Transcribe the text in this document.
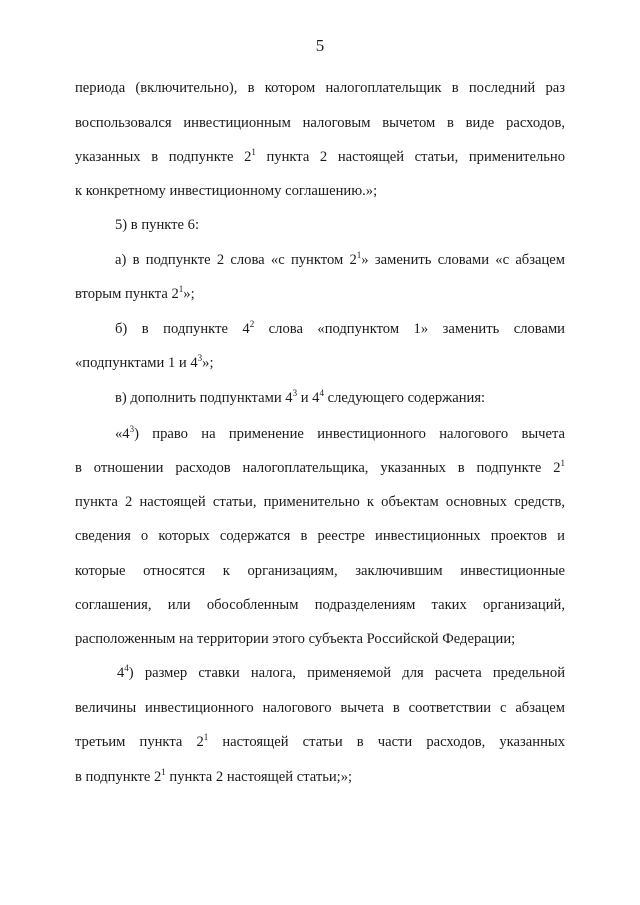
5
периода (включительно), в котором налогоплательщик в последний раз
воспользовался инвестиционным налоговым вычетом в виде расходов,
указанных в подпункте $2^1$ пункта 2 настоящей статьи, применительно
к конкретному инвестиционному соглашению.»;
5) в пункте 6:
а) в подпункте 2 слова «с пунктом $2^1$» заменить словами «с абзацем
вторым пункта $2^1$»;
б) в подпункте $4^2$ слова «подпунктом 1» заменить словами
«подпунктами 1 и $4^3$»;
в) дополнить подпунктами $4^3$ и $4^4$ следующего содержания:
«$4^3$) право на применение инвестиционного налогового вычета
в отношении расходов налогоплательщика, указанных в подпункте $2^1$
пункта 2 настоящей статьи, применительно к объектам основных средств,
сведения о которых содержатся в реестре инвестиционных проектов и
которые относятся к организациям, заключившим инвестиционные
соглашения, или обособленным подразделениям таких организаций,
расположенным на территории этого субъекта Российской Федерации;
$4^4$) размер ставки налога, применяемой для расчета предельной
величины инвестиционного налогового вычета в соответствии с абзацем
третьим пункта $2^1$ настоящей статьи в части расходов, указанных
в подпункте $2^1$ пункта 2 настоящей статьи;»;
